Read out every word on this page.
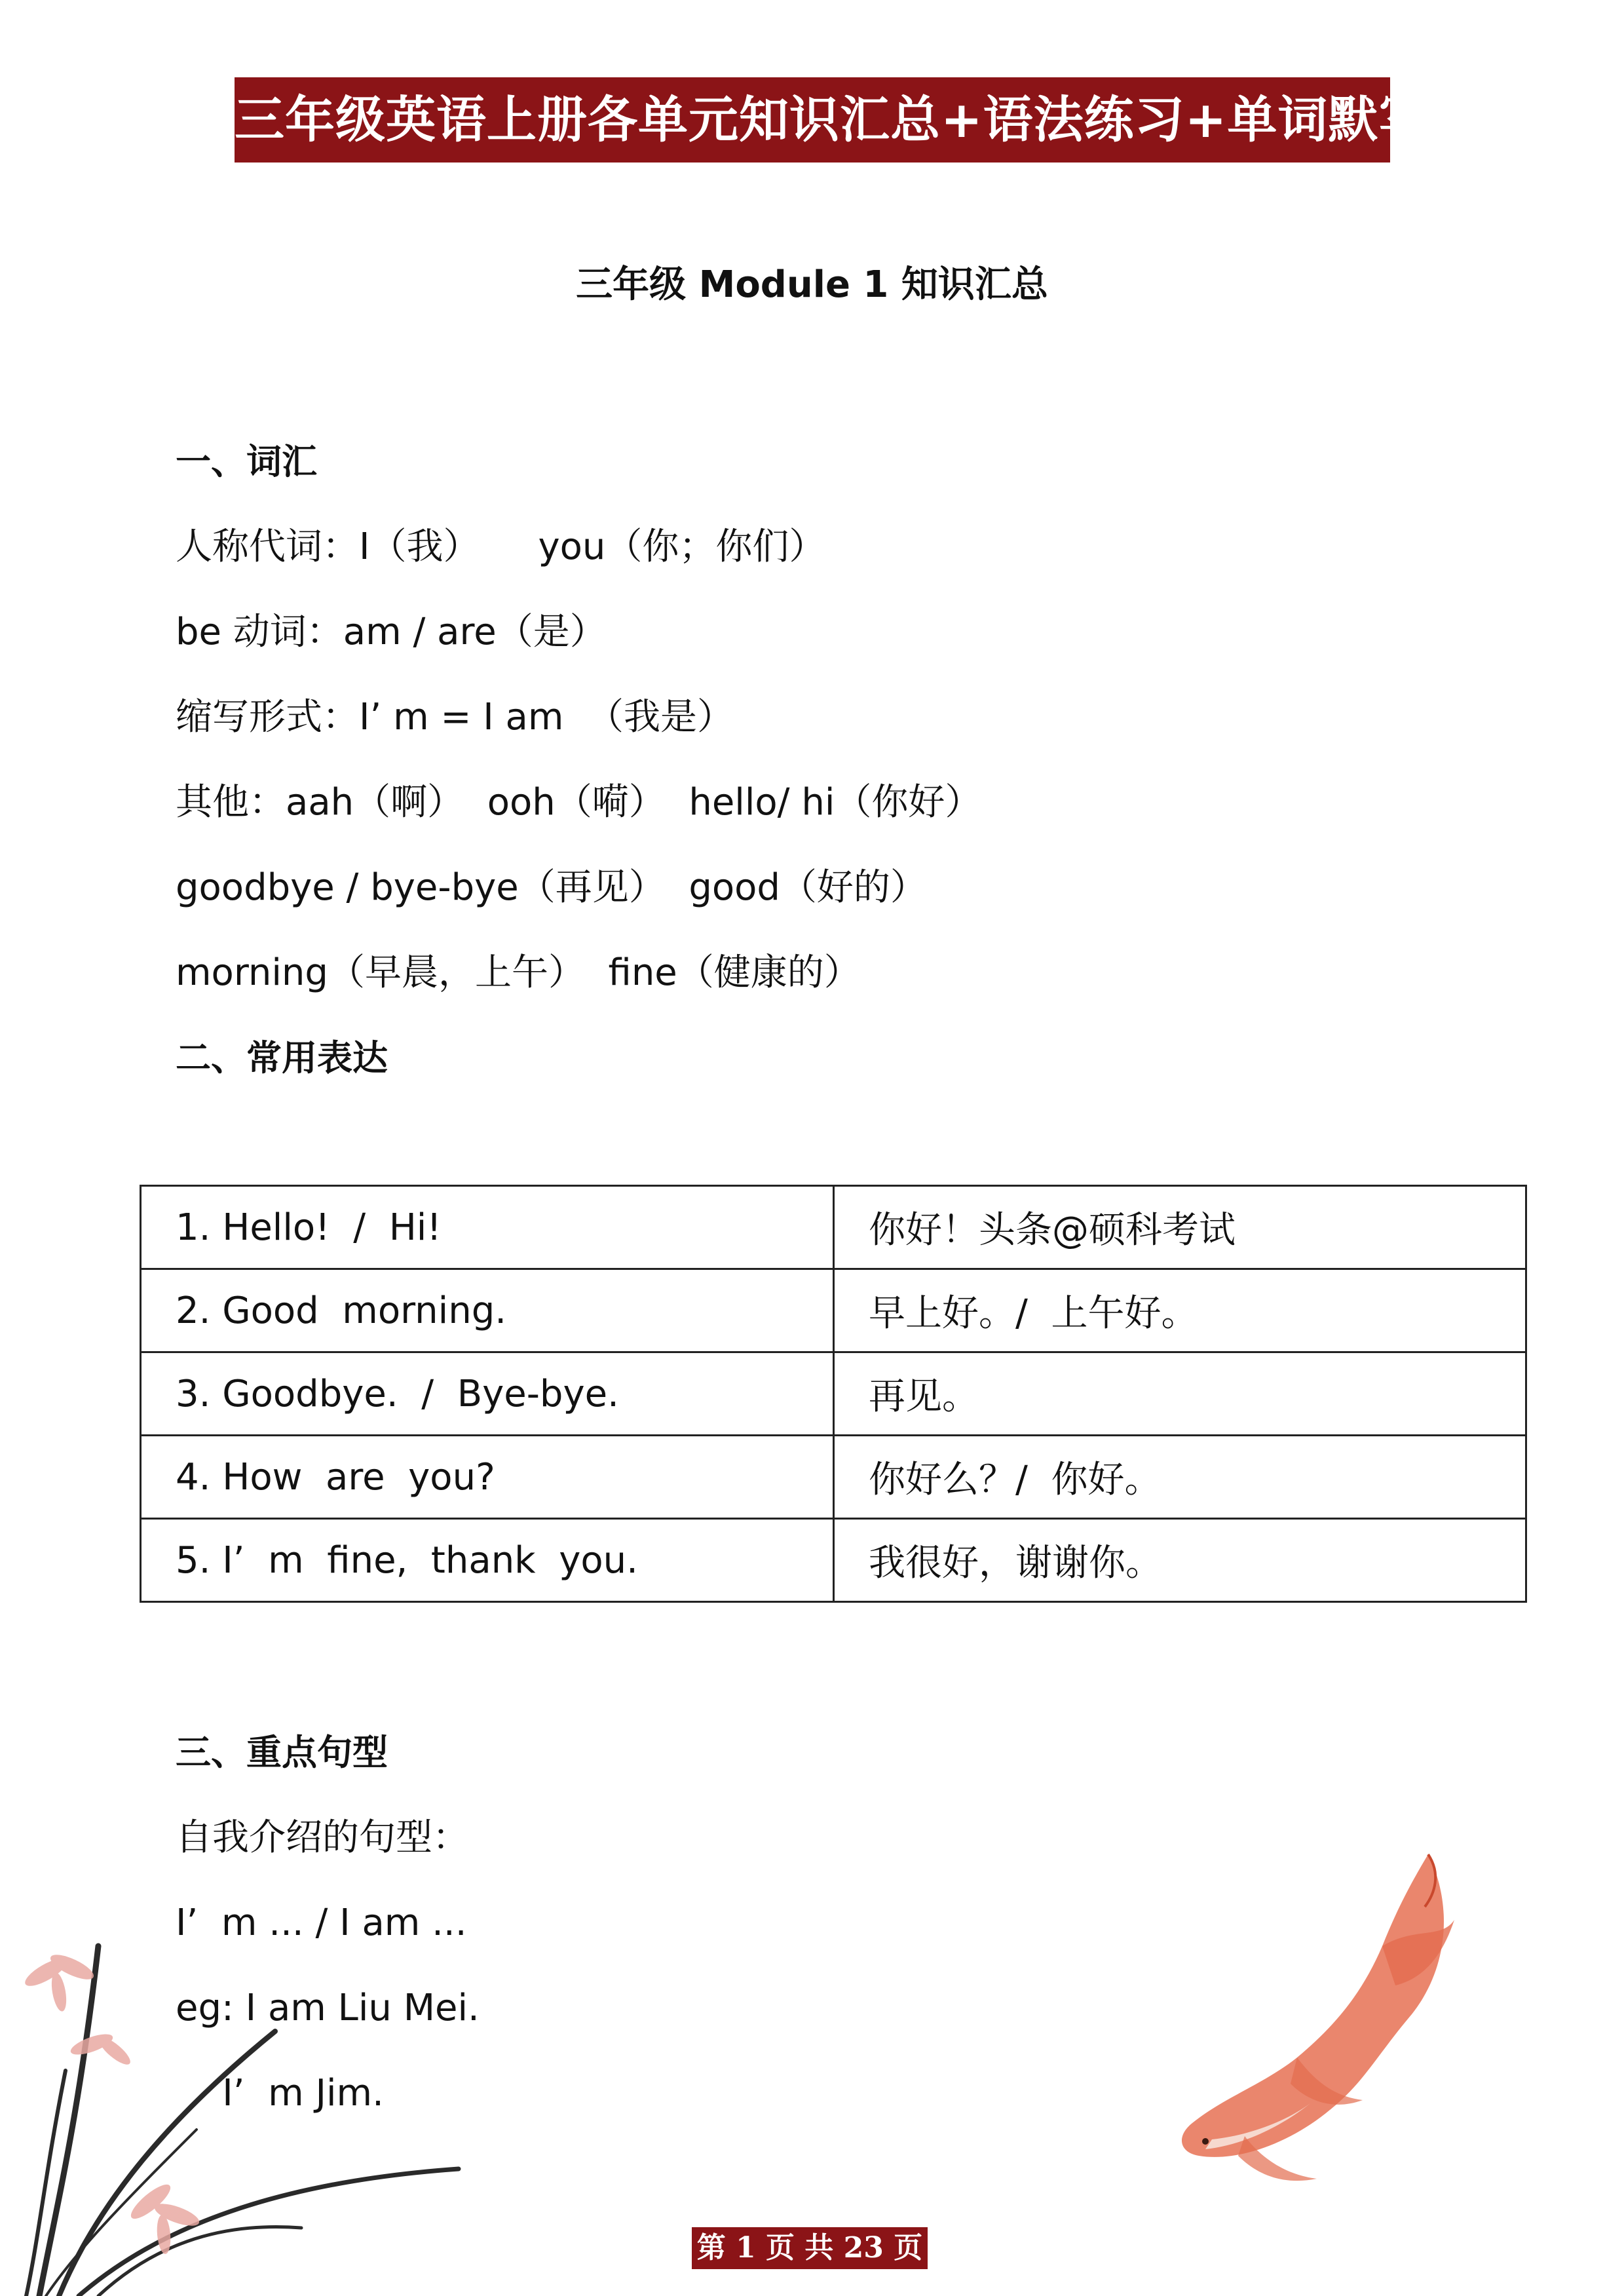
三年级英语上册各单元知识汇总+语法练习+单词默写
三年级 Module 1 知识汇总
一、词汇
人称代词：I（我）     you（你；你们）
be 动词：am / are（是）
缩写形式：I’ m = I am  （我是）
其他：aah（啊）  ooh（嗬）  hello/ hi（你好）
goodbye / bye-bye（再见）  good（好的）
morning（早晨，上午）  fine（健康的）
二、常用表达
1. Hello!  /  Hi!	你好！头条@硕科考试
2. Good  morning.	早上好。/  上午好。
3. Goodbye.  /  Bye-bye.	再见。
4. How  are  you?	你好么？/  你好。
5. I’  m  fine,  thank  you.	我很好，谢谢你。
三、重点句型
自我介绍的句型：
I’  m ... / I am ...
eg: I am Liu Mei.
I’  m Jim.
第 1 页 共 23 页
